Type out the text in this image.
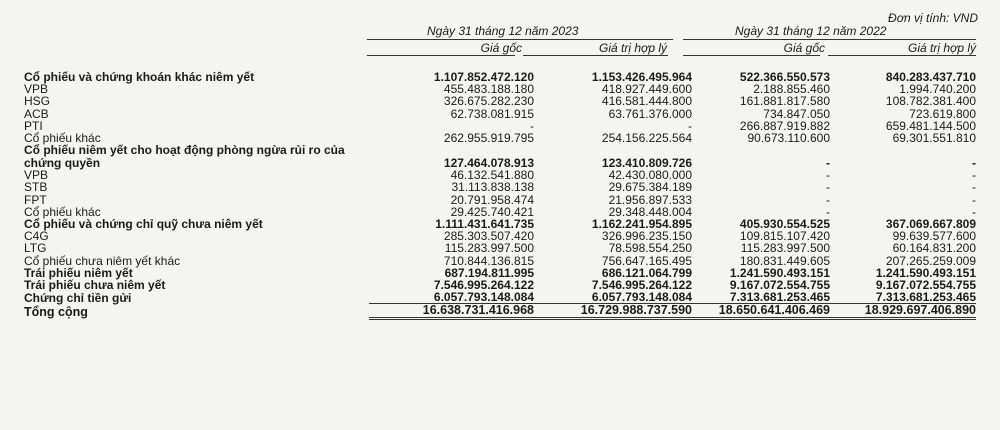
Đơn vị tính: VND
Ngày 31 tháng 12 năm 2023	Ngày 31 tháng 12 năm 2022
Giá gốc	Giá trị hợp lý	Giá gốc	Giá trị hợp lý
Cổ phiếu và chứng khoán khác niêm yết	1.107.852.472.120	1.153.426.495.964	522.366.550.573	840.283.437.710
VPB	455.483.188.180	418.927.449.600	2.188.855.460	1.994.740.200
HSG	326.675.282.230	416.581.444.800	161.881.817.580	108.782.381.400
ACB	62.738.081.915	63.761.376.000	734.847.050	723.619.800
PTI	-	-	266.887.919.882	659.481.144.500
Cổ phiếu khác	262.955.919.795	254.156.225.564	90.673.110.600	69.301.551.810
Cổ phiếu niêm yết cho hoạt động phòng ngừa rủi ro của chứng quyền	127.464.078.913	123.410.809.726	-	-
VPB	46.132.541.880	42.430.080.000	-	-
STB	31.113.838.138	29.675.384.189	-	-
FPT	20.791.958.474	21.956.897.533	-	-
Cổ phiếu khác	29.425.740.421	29.348.448.004	-	-
Cổ phiếu và chứng chỉ quỹ chưa niêm yết	1.111.431.641.735	1.162.241.954.895	405.930.554.525	367.069.667.809
C4G	285.303.507.420	326.996.235.150	109.815.107.420	99.639.577.600
LTG	115.283.997.500	78.598.554.250	115.283.997.500	60.164.831.200
Cổ phiếu chưa niêm yết khác	710.844.136.815	756.647.165.495	180.831.449.605	207.265.259.009
Trái phiếu niêm yết	687.194.811.995	686.121.064.799	1.241.590.493.151	1.241.590.493.151
Trái phiếu chưa niêm yết	7.546.995.264.122	7.546.995.264.122	9.167.072.554.755	9.167.072.554.755
Chứng chỉ tiền gửi	6.057.793.148.084	6.057.793.148.084	7.313.681.253.465	7.313.681.253.465
Tổng cộng	16.638.731.416.968	16.729.988.737.590	18.650.641.406.469	18.929.697.406.890
